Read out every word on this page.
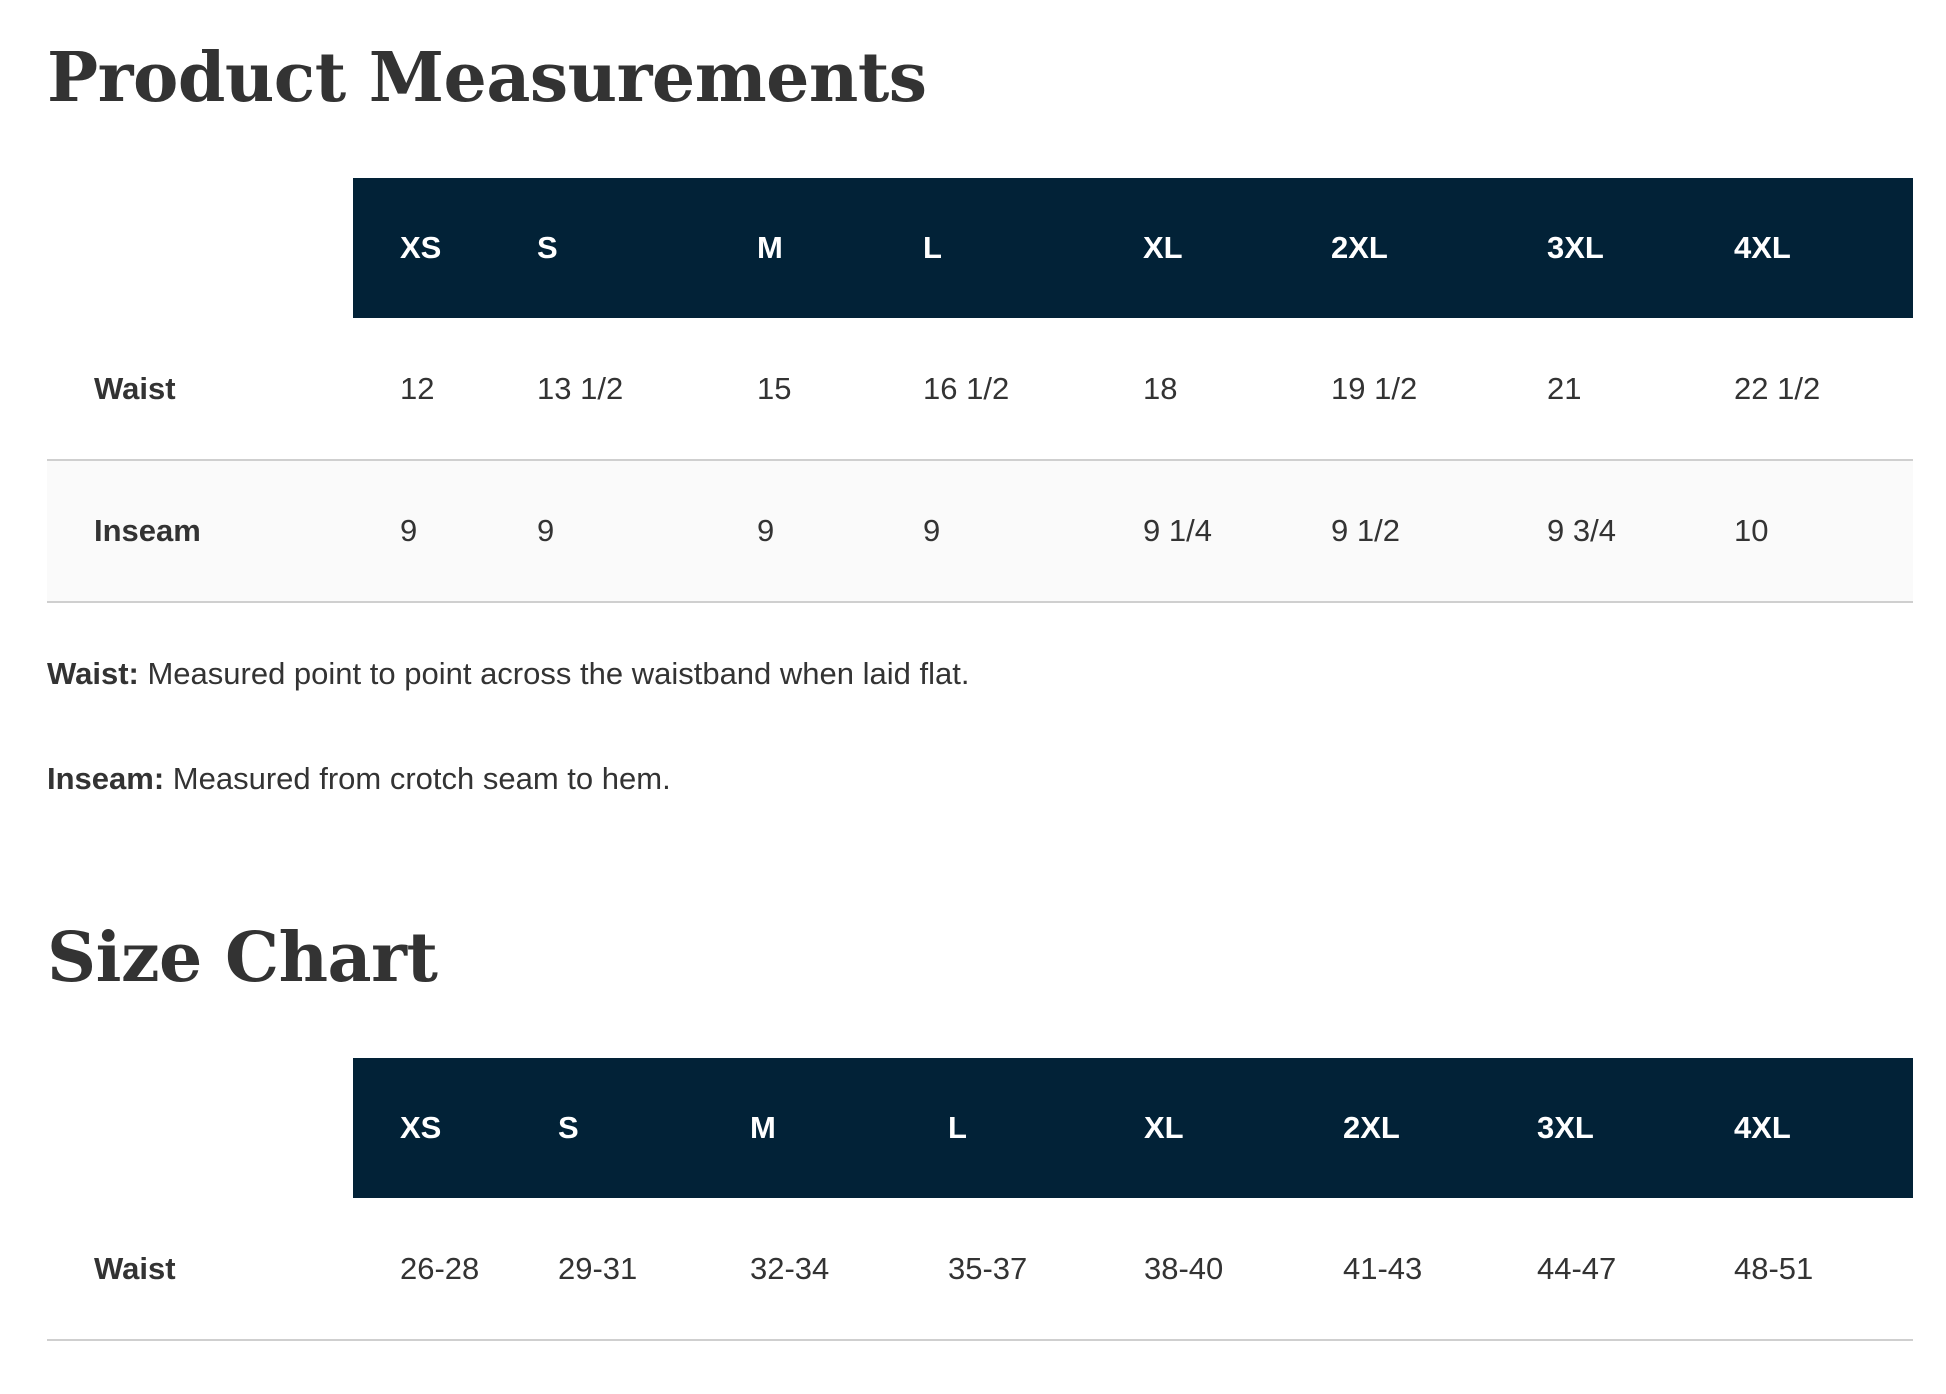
Product Measurements
	XS	S	M	L	XL	2XL	3XL	4XL
Waist	12	13 1/2	15	16 1/2	18	19 1/2	21	22 1/2
Inseam	9	9	9	9	9 1/4	9 1/2	9 3/4	10

Waist: Measured point to point across the waistband when laid flat.

Inseam: Measured from crotch seam to hem.

Size Chart
	XS	S	M	L	XL	2XL	3XL	4XL
Waist	26-28	29-31	32-34	35-37	38-40	41-43	44-47	48-51
